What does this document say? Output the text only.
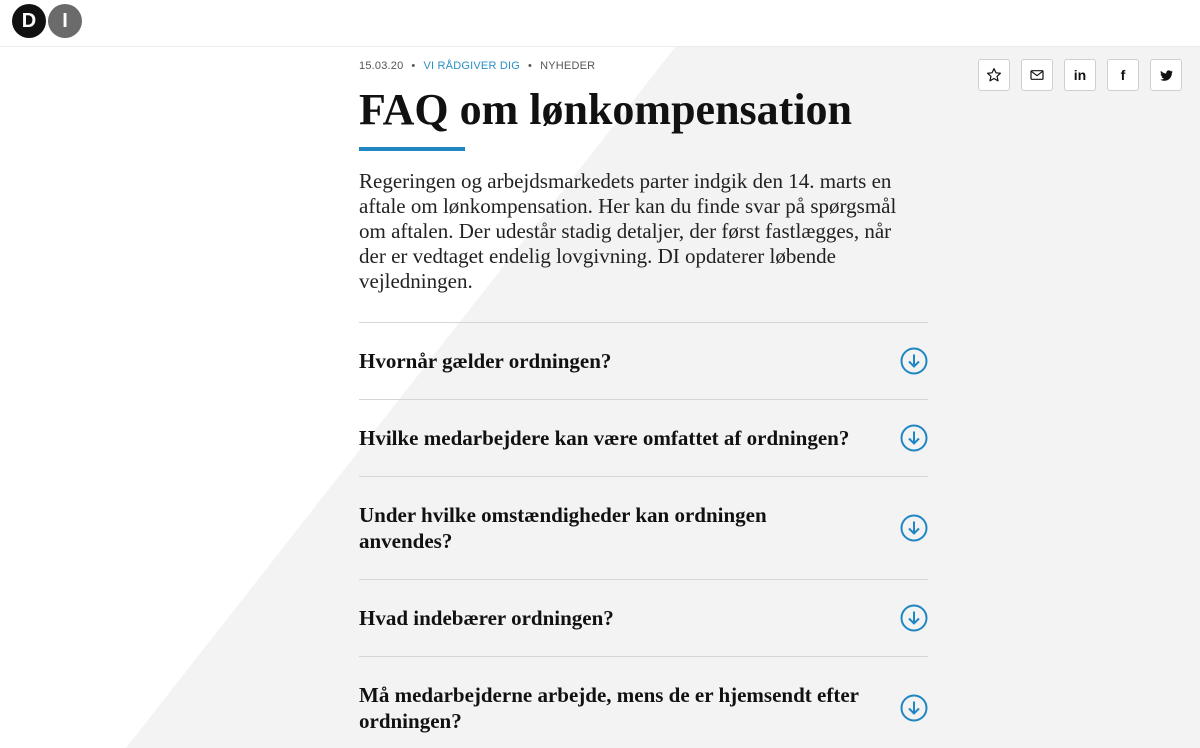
D	I
in f
15.03.20 • VI RÅDGIVER DIG • NYHEDER
FAQ om lønkompensation

Regeringen og arbejdsmarkedets parter indgik den 14. marts en aftale om lønkompensation. Her kan du finde svar på spørgsmål om aftalen. Der udestår stadig detaljer, der først fastlægges, når der er vedtaget endelig lovgivning. DI opdaterer løbende vejledningen.

Hvornår gælder ordningen?
Hvilke medarbejdere kan være omfattet af ordningen?
Under hvilke omstændigheder kan ordningen anvendes?
Hvad indebærer ordningen?
Må medarbejderne arbejde, mens de er hjemsendt efter ordningen?
